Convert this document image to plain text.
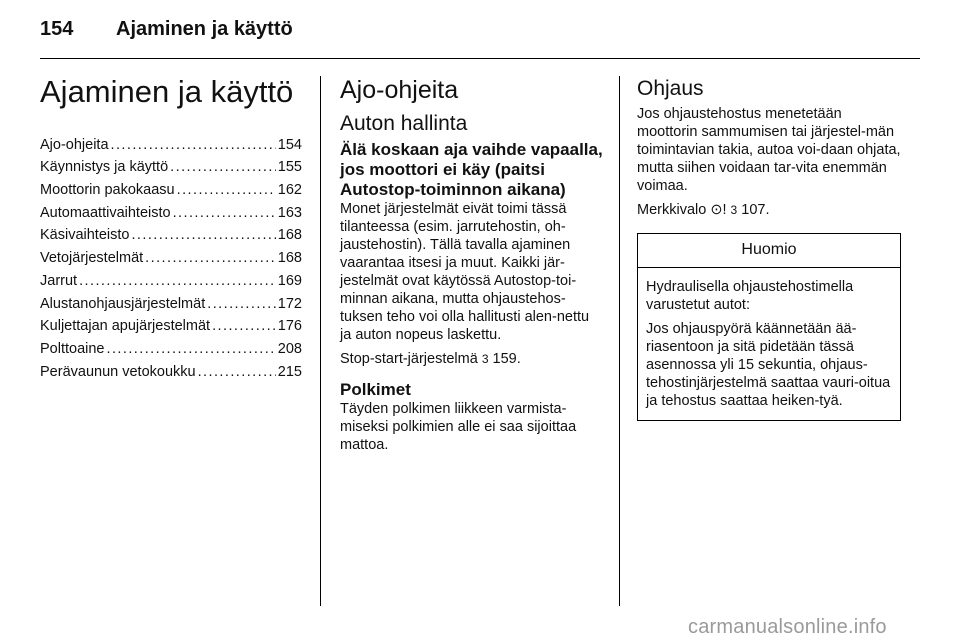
154 Ajaminen ja käyttö
Ajaminen ja käyttö
Ajo-ohjeita . . .	154
Käynnistys ja käyttö . . .	155
Moottorin pakokaasu . . .	162
Automaattivaihteisto . . .	163
Käsivaihteisto . . .	168
Vetojärjestelmät . . .	168
Jarrut . . .	169
Alustanohjausjärjestelmät . . .	172
Kuljettajan apujärjestelmät . . .	176
Polttoaine . . .	208
Perävaunun vetokoukku . . .	215
Ajo-ohjeita
Auton hallinta
Älä koskaan aja vaihde vapaalla, jos moottori ei käy (paitsi Autostop-toiminnon aikana)

Monet järjestelmät eivät toimi tässä tilanteessa (esim. jarrutehostin, oh-jaustehostin). Tällä tavalla ajaminen vaarantaa itsesi ja muut. Kaikki jär-jestelmät ovat käytössä Autostop-toi-minnan aikana, mutta ohjaustehos-tuksen teho voi olla hallitusti alen-nettu ja auton nopeus laskettu.

Stop-start-järjestelmä 3 159.

Polkimet

Täyden polkimen liikkeen varmista-miseksi polkimien alle ei saa sijoittaa mattoa.

Ohjaus

Jos ohjaustehostus menetetään moottorin sammumisen tai järjestel-män toimintavian takia, autoa voi-daan ohjata, mutta siihen voidaan tar-vita enemmän voimaa.

Merkkivalo ⊙! 3 107.

Huomio

Hydraulisella ohjaustehostimella varustetut autot:

Jos ohjauspyörä käännetään ää-riasentoon ja sitä pidetään tässä asennossa yli 15 sekuntia, ohjaus-tehostinjärjestelmä saattaa vauri-oitua ja tehostus saattaa heiken-tyä.

carmanualsonline.info
